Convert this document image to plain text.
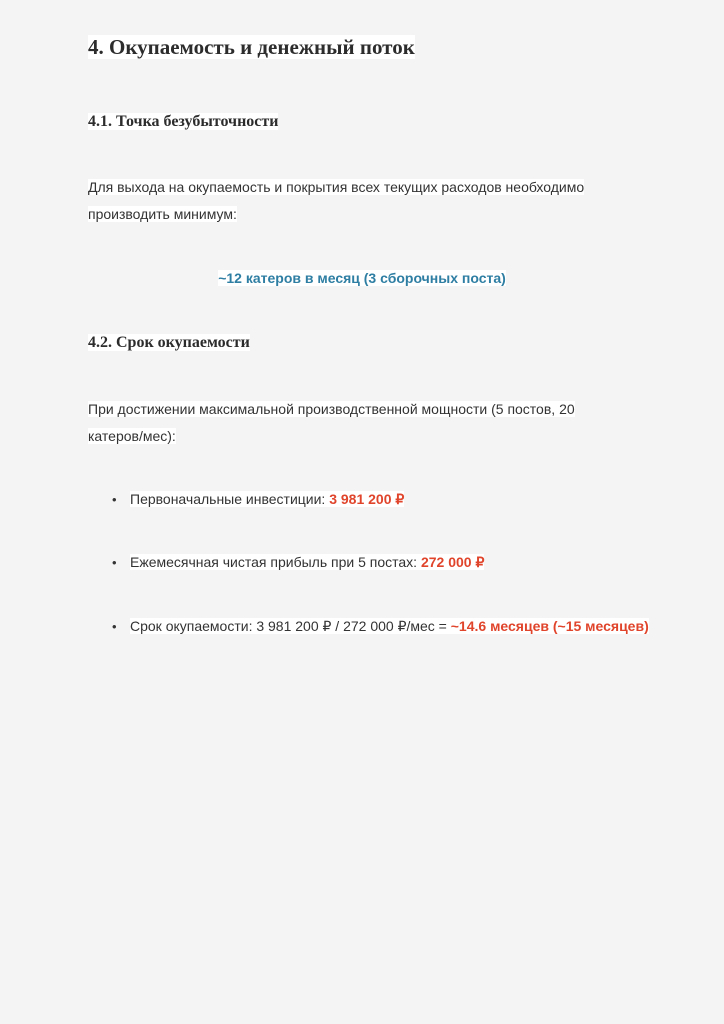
4. Окупаемость и денежный поток
4.1. Точка безубыточности
Для выхода на окупаемость и покрытия всех текущих расходов необходимо производить минимум:
~12 катеров в месяц (3 сборочных поста)
4.2. Срок окупаемости
При достижении максимальной производственной мощности (5 постов, 20 катеров/мес):
• Первоначальные инвестиции: 3 981 200 ₽
• Ежемесячная чистая прибыль при 5 постах: 272 000 ₽
• Срок окупаемости: 3 981 200 ₽ / 272 000 ₽/мес = ~14.6 месяцев (~15 месяцев)
